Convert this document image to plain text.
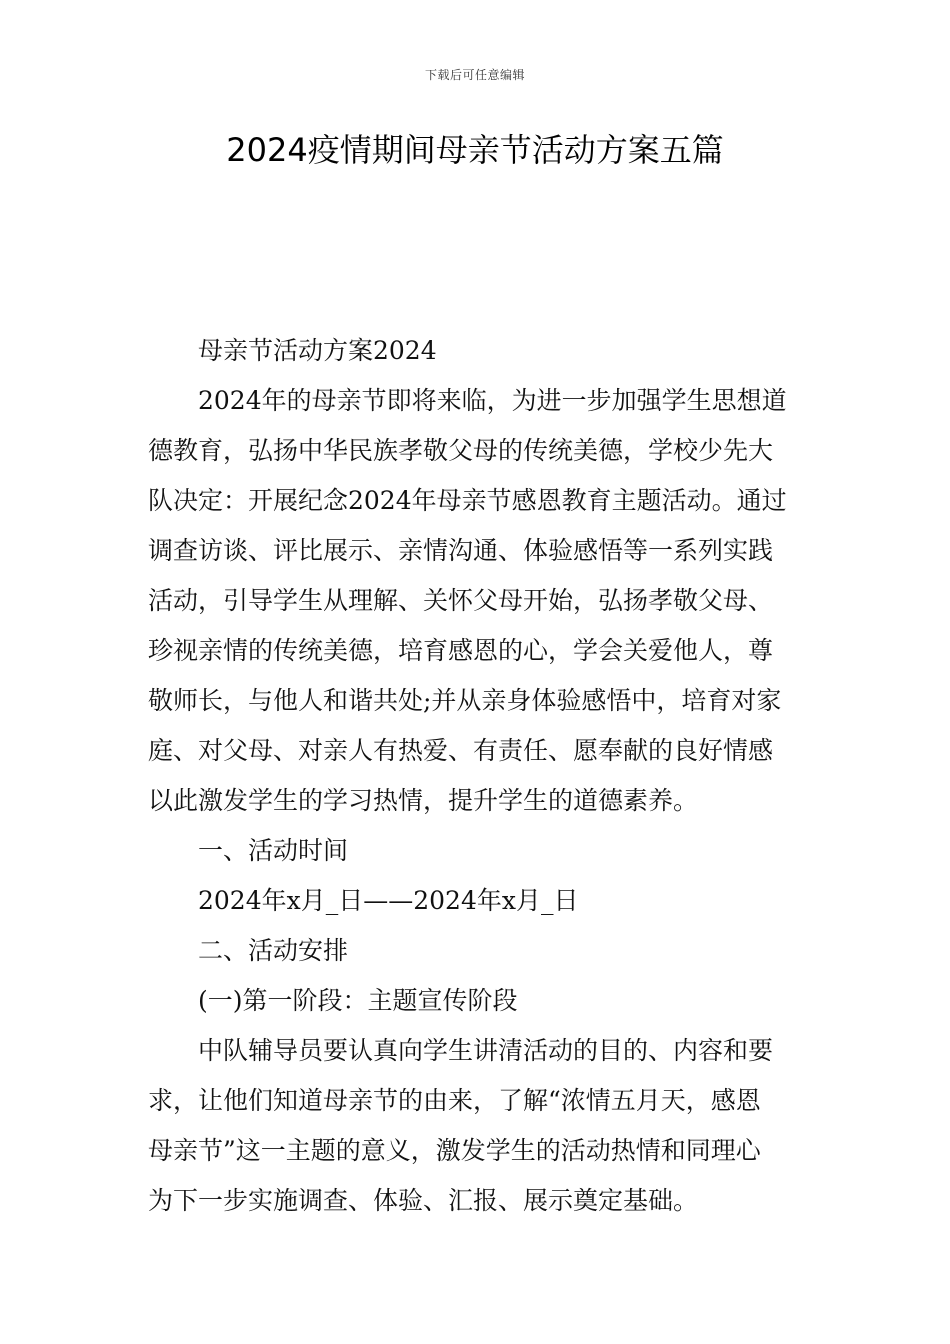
下载后可任意编辑
2024疫情期间母亲节活动方案五篇
母亲节活动方案2024
2024年的母亲节即将来临，为进一步加强学生思想道
德教育，弘扬中华民族孝敬父母的传统美德，学校少先大
队决定：开展纪念2024年母亲节感恩教育主题活动。通过
调查访谈、评比展示、亲情沟通、体验感悟等一系列实践
活动，引导学生从理解、关怀父母开始，弘扬孝敬父母、
珍视亲情的传统美德，培育感恩的心，学会关爱他人，尊
敬师长，与他人和谐共处;并从亲身体验感悟中，培育对家
庭、对父母、对亲人有热爱、有责任、愿奉献的良好情感
以此激发学生的学习热情，提升学生的道德素养。
一、活动时间
2024年x月_日——2024年x月_日
二、活动安排
(一)第一阶段：主题宣传阶段
中队辅导员要认真向学生讲清活动的目的、内容和要
求，让他们知道母亲节的由来，了解“浓情五月天，感恩
母亲节”这一主题的意义，激发学生的活动热情和同理心
为下一步实施调查、体验、汇报、展示奠定基础。
